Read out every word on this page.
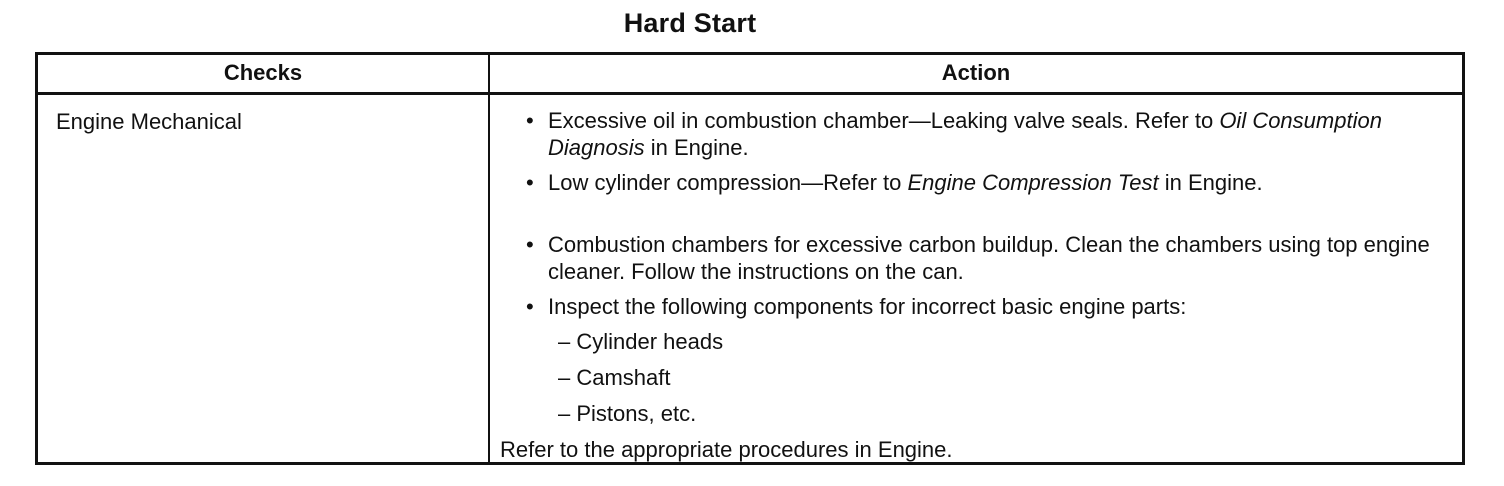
Hard Start
Checks	Action
Engine Mechanical	• Excessive oil in combustion chamber—Leaking valve seals. Refer to Oil Consumption Diagnosis in Engine.
• Low cylinder compression—Refer to Engine Compression Test in Engine.
• Combustion chambers for excessive carbon buildup. Clean the chambers using top engine cleaner. Follow the instructions on the can.
• Inspect the following components for incorrect basic engine parts:
– Cylinder heads
– Camshaft
– Pistons, etc.
Refer to the appropriate procedures in Engine.
